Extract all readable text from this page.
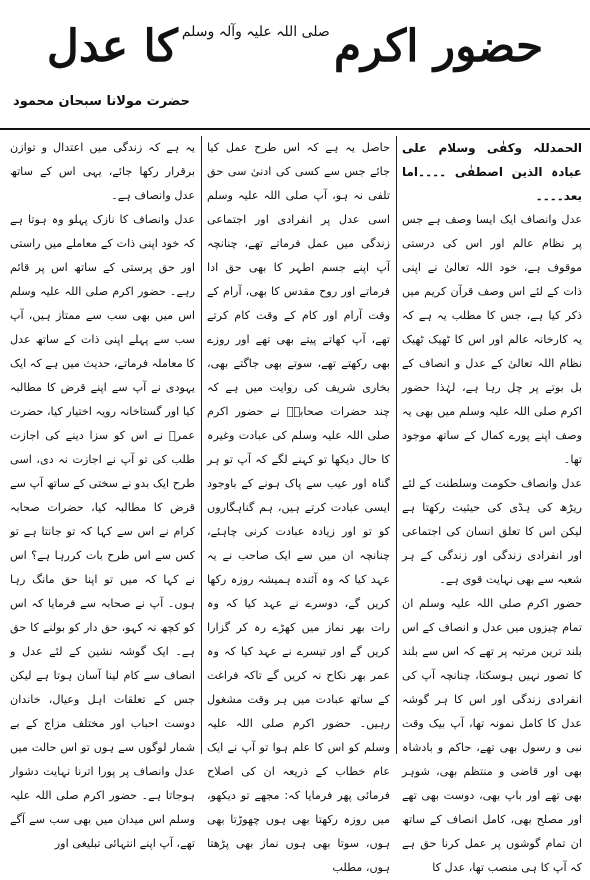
حضور اکرم
صلی اللہ علیہ وآلہ وسلم
کا عدل
حضرت مولانا سبحان محمود

الحمدللہ وکفٰی وسلام علی عبادہ الذین اصطفٰی ۔۔۔۔اما بعد۔۔۔۔

عدل وانصاف ایک ایسا وصف ہے جس پر نظام عالم اور اس کی درستی موقوف ہے، خود اللہ تعالیٰ نے اپنی ذات کے لئے اس وصف قرآن کریم میں ذکر کیا ہے، جس کا مطلب یہ ہے کہ یہ کارخانہ عالم اور اس کا ٹھیک ٹھیک نظام اللہ تعالیٰ کے عدل و انصاف کے بل بوتے پر چل رہا ہے، لہٰذا حضور اکرم صلی اللہ علیہ وسلم میں بھی یہ وصف اپنے پورے کمال کے ساتھ موجود تھا۔

عدل وانصاف حکومت وسلطنت کے لئے ریڑھ کی ہڈی کی حیثیت رکھتا ہے لیکن اس کا تعلق انسان کی اجتماعی اور انفرادی زندگی اور زندگی کے ہر شعبہ سے بھی نہایت قوی ہے۔

حضور اکرم صلی اللہ علیہ وسلم ان تمام چیزوں میں عدل و انصاف کے اس بلند ترین مرتبہ پر تھے کہ اس سے بلند کا تصور نہیں ہوسکتا، چنانچہ آپ کی انفرادی زندگی اور اس کا ہر گوشہ عدل کا کامل نمونہ تھا، آپ بیک وقت نبی و رسول بھی تھے، حاکم و بادشاہ بھی اور قاضی و منتظم بھی، شوہر بھی تھے اور باپ بھی، دوست بھی تھے اور مصلح بھی، کامل انصاف کے ساتھ ان تمام گوشوں پر عمل کرنا حق ہے کہ آپ کا ہی منصب تھا، عدل کا

حاصل یہ ہے کہ اس طرح عمل کیا جائے جس سے کسی کی ادنیٰ سی حق تلفی نہ ہو، آپ صلی اللہ علیہ وسلم اسی عدل پر انفرادی اور اجتماعی زندگی میں عمل فرماتے تھے، چنانچہ آپ اپنے جسم اطہر کا بھی حق ادا فرماتے اور روح مقدس کا بھی، آرام کے وقت آرام اور کام کے وقت کام کرتے تھے، آپ کھاتے پیتے بھی تھے اور روزے بھی رکھتے تھے، سوتے بھی جاگتے بھی، بخاری شریف کی روایت میں ہے کہ چند حضرات صحابہؓ نے حضور اکرم صلی اللہ علیہ وسلم کی عبادت وغیرہ کا حال دیکھا تو کہنے لگے کہ آپ تو ہر گناہ اور عیب سے پاک ہونے کے باوجود ایسی عبادت کرتے ہیں، ہم گناہگاروں کو تو اور زیادہ عبادت کرنی چاہئے، چنانچہ ان میں سے ایک صاحب نے یہ عہد کیا کہ وہ آئندہ ہمیشہ روزہ رکھا کریں گے، دوسرے نے عہد کیا کہ وہ رات بھر نماز میں کھڑے رہ کر گزارا کریں گے اور تیسرے نے عہد کیا کہ وہ عمر بھر نکاح نہ کریں گے تاکہ فراغت کے ساتھ عبادت میں ہر وقت مشغول رہیں۔ حضور اکرم صلی اللہ علیہ وسلم کو اس کا علم ہوا تو آپ نے ایک عام خطاب کے ذریعہ ان کی اصلاح فرمائی پھر فرمایا کہ: مجھے تو دیکھو، میں روزہ رکھتا بھی ہوں چھوڑتا بھی ہوں، سوتا بھی ہوں نماز بھی پڑھتا ہوں، مطلب

یہ ہے کہ زندگی میں اعتدال و توازن برقرار رکھا جائے، یہی اس کے ساتھ عدل وانصاف ہے۔

عدل وانصاف کا نازک پہلو وہ ہوتا ہے کہ خود اپنی ذات کے معاملے میں راستی اور حق پرستی کے ساتھ اس پر قائم رہے۔ حضور اکرم صلی اللہ علیہ وسلم اس میں بھی سب سے ممتاز ہیں، آپ سب سے پہلے اپنی ذات کے ساتھ عدل کا معاملہ فرماتے، حدیث میں ہے کہ ایک یہودی نے آپ سے اپنے قرض کا مطالبہ کیا اور گستاخانہ رویہ اختیار کیا، حضرت عمرؓ نے اس کو سزا دینے کی اجازت طلب کی تو آپ نے اجازت نہ دی، اسی طرح ایک بدو نے سختی کے ساتھ آپ سے قرض کا مطالبہ کیا، حضرات صحابہ کرام نے اس سے کہا کہ تو جانتا ہے تو کس سے اس طرح بات کررہا ہے؟ اس نے کہا کہ میں تو اپنا حق مانگ رہا ہوں۔ آپ نے صحابہ سے فرمایا کہ اس کو کچھ نہ کہو، حق دار کو بولنے کا حق ہے۔ ایک گوشہ نشین کے لئے عدل و انصاف سے کام لینا آسان ہوتا ہے لیکن جس کے تعلقات اہل وعیال، خاندان دوست احباب اور مختلف مزاج کے بے شمار لوگوں سے ہوں تو اس حالت میں عدل وانصاف پر پورا اترنا نہایت دشوار ہوجاتا ہے۔ حضور اکرم صلی اللہ علیہ وسلم اس میدان میں بھی سب سے آگے تھے، آپ اپنے انتہائی تبلیغی اور
